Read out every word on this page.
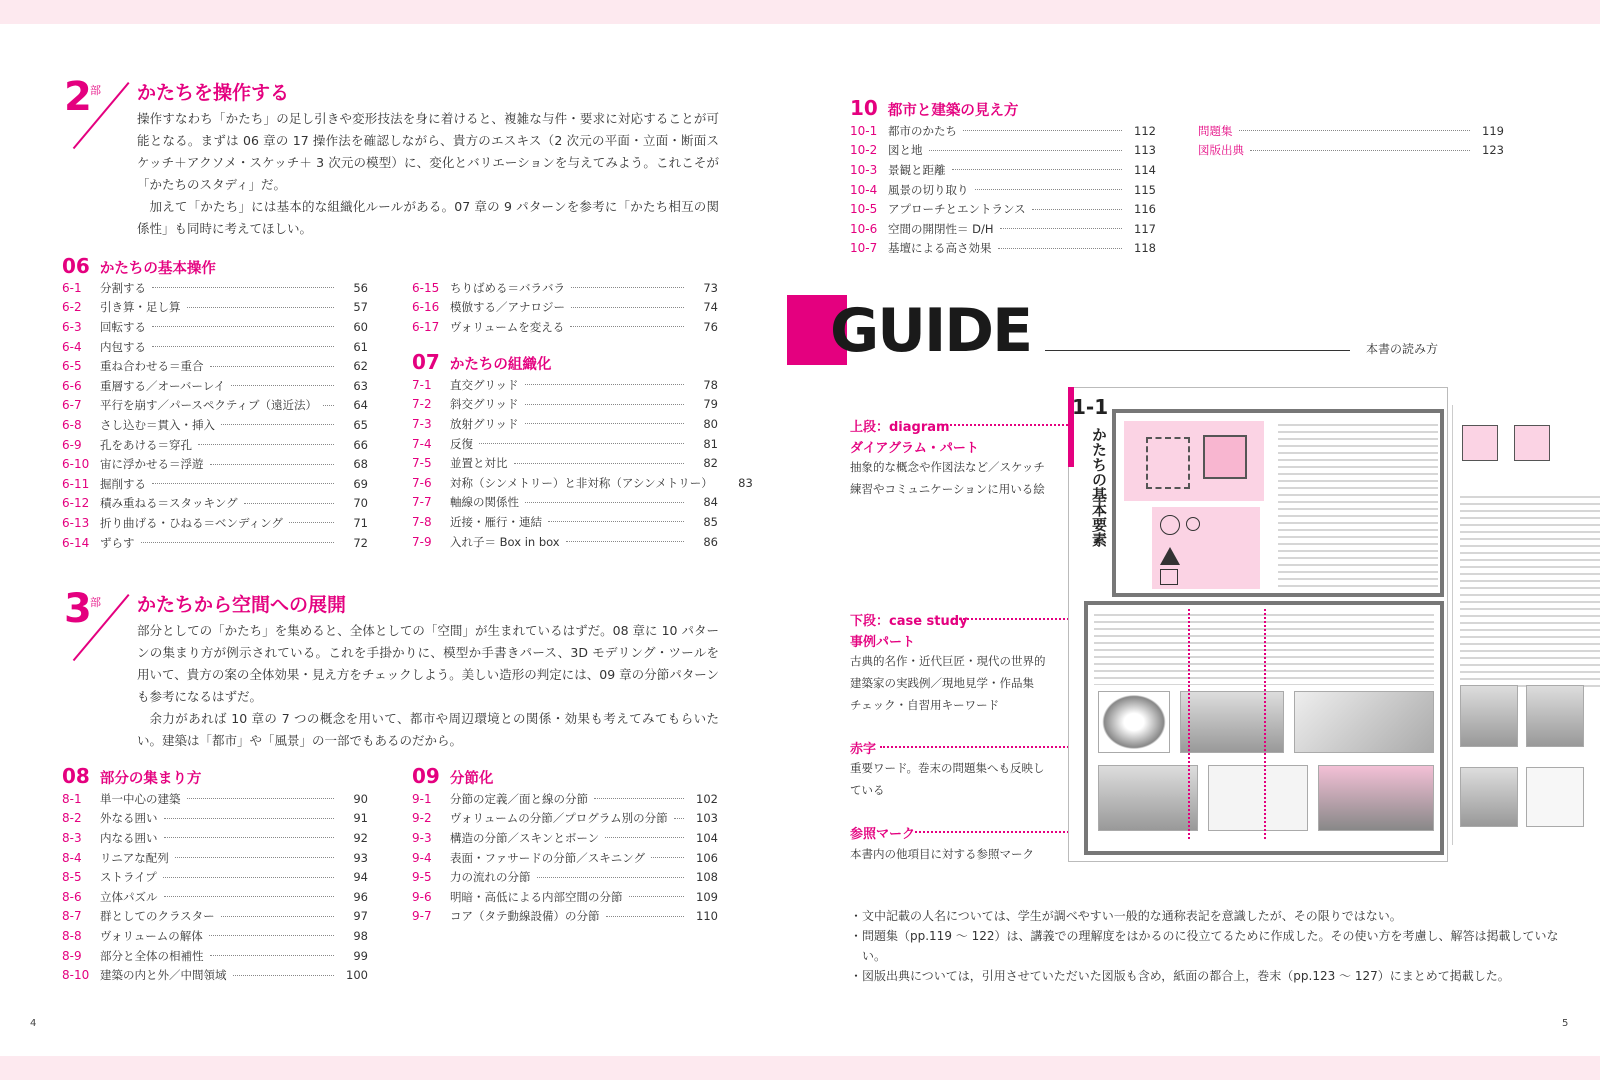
2
部 かたちを操作する

操作すなわち「かたち」の足し引きや変形技法を身に着けると、複雑な与件・要求に対応することが可能となる。まずは 06 章の 17 操作法を確認しながら、貴方のエスキス（2 次元の平面・立面・断面スケッチ＋アクソメ・スケッチ＋ 3 次元の模型）に、変化とバリエーションを与えてみよう。これこそが「かたちのスタディ」だ。

加えて「かたち」には基本的な組織化ルールがある。07 章の 9 パターンを参考に「かたち相互の関係性」も同時に考えてほしい。

06 かたちの基本操作
6-1	分割する	56
6-2	引き算・足し算	57
6-3	回転する	60
6-4	内包する	61
6-5	重ね合わせる＝重合	62
6-6	重層する／オーバーレイ	63
6-7	平行を崩す／パースペクティブ（遠近法）	64
6-8	さし込む＝貫入・挿入	65
6-9	孔をあける＝穿孔	66
6-10 宙に浮かせる＝浮遊	68
6-11 掘削する	69
6-12 積み重ねる＝スタッキング	70
6-13 折り曲げる・ひねる＝ベンディング	71
6-14 ずらす	72
6-15 ちりばめる＝バラバラ	73
6-16 模倣する／アナロジー	74
6-17 ヴォリュームを変える	76
07 かたちの組織化
7-1	直交グリッド	78
7-2	斜交グリッド	79
7-3	放射グリッド	80
7-4	反復	81
7-5	並置と対比	82
7-6	対称（シンメトリー）と非対称（アシンメトリー）	83
7-7	軸線の関係性	84
7-8	近接・雁行・連結	85
7-9	入れ子＝ Box in box	86
3
部 かたちから空間への展開

部分としての「かたち」を集めると、全体としての「空間」が生まれているはずだ。08 章に 10 パターンの集まり方が例示されている。これを手掛かりに、模型か手書きパース、3D モデリング・ツールを用いて、貴方の案の全体効果・見え方をチェックしよう。美しい造形の判定には、09 章の分節パターンも参考になるはずだ。

余力があれば 10 章の 7 つの概念を用いて、都市や周辺環境との関係・効果も考えてみてもらいたい。建築は「都市」や「風景」の一部でもあるのだから。

08 部分の集まり方
8-1	単一中心の建築	90
8-2	外なる囲い	91
8-3	内なる囲い	92
8-4	リニアな配列	93
8-5	ストライプ	94
8-6	立体パズル	96
8-7	群としてのクラスター	97
8-8	ヴォリュームの解体	98
8-9	部分と全体の相補性	99
8-10 建築の内と外／中間領域	100
09 分節化
9-1	分節の定義／面と線の分節	102
9-2	ヴォリュームの分節／プログラム別の分節	103
9-3	構造の分節／スキンとボーン	104
9-4	表面・ファサードの分節／スキニング	106
9-5	力の流れの分節	108
9-6	明暗・高低による内部空間の分節	109
9-7	コア（タテ動線設備）の分節	110
10 都市と建築の見え方
10-1 都市のかたち	112
10-2 図と地	113
10-3 景観と距離	114
10-4 風景の切り取り	115
10-5 アプローチとエントランス	116
10-6 空間の開閉性＝ D/H	117
10-7 基壇による高さ効果	118
問題集	119
図版出典	123
GUIDE	本書の読み方
上段：diagram
ダイアグラム・パート
抽象的な概念や作図法など／スケッチ
練習やコミュニケーションに用いる絵
下段：case study
事例パート
古典的名作・近代巨匠・現代の世界的
建築家の実践例／現地見学・作品集
チェック・自習用キーワード
赤字
重要ワード。巻末の問題集へも反映し
ている
参照マーク
本書内の他項目に対する参照マーク
1-1
かたちの基本要素
・文中記載の人名については、学生が調べやすい一般的な通称表記を意識したが、その限りではない。
・問題集（pp.119 ～ 122）は、講義での理解度をはかるのに役立てるために作成した。その使い方を考慮し、解答は掲載していない。
・図版出典については，引用させていただいた図版も含め，紙面の都合上，巻末（pp.123 ～ 127）にまとめて掲載した。
4	5
